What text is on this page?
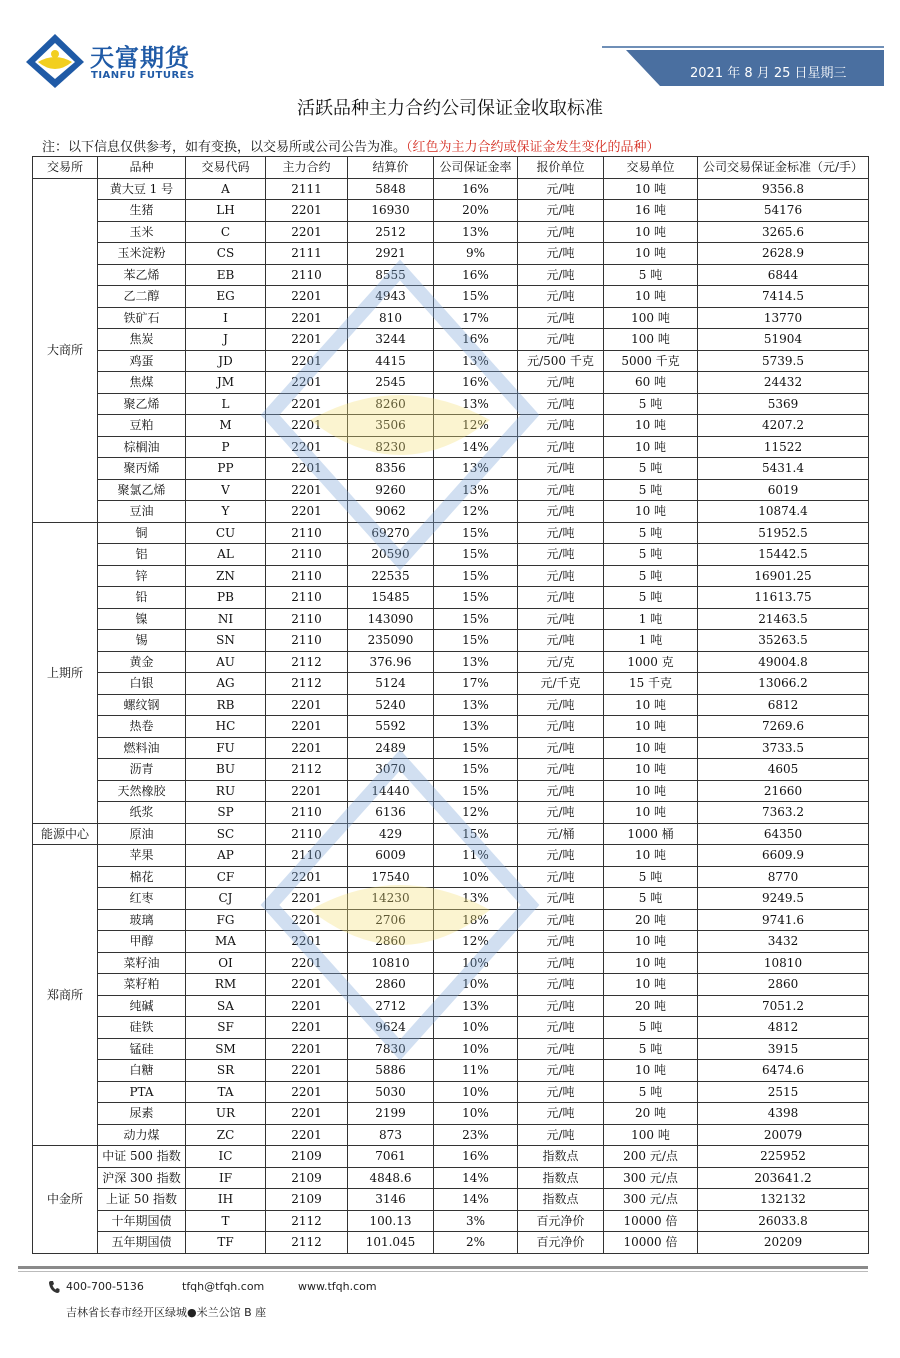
天富期货
TIANFU FUTURES	2021 年 8 月 25 日星期三
活跃品种主力合约公司保证金收取标准
注：以下信息仅供参考，如有变换，以交易所或公司公告为准。（红色为主力合约或保证金发生变化的品种）
交易所	品种	交易代码	主力合约	结算价	公司保证金率	报价单位	交易单位	公司交易保证金标准（元/手）
大商所	黄大豆 1 号	A	2111	5848	16%	元/吨	10 吨	9356.8
	生猪	LH	2201	16930	20%	元/吨	16 吨	54176
	玉米	C	2201	2512	13%	元/吨	10 吨	3265.6
	玉米淀粉	CS	2111	2921	9%	元/吨	10 吨	2628.9
	苯乙烯	EB	2110	8555	16%	元/吨	5 吨	6844
	乙二醇	EG	2201	4943	15%	元/吨	10 吨	7414.5
	铁矿石	I	2201	810	17%	元/吨	100 吨	13770
	焦炭	J	2201	3244	16%	元/吨	100 吨	51904
	鸡蛋	JD	2201	4415	13%	元/500 千克	5000 千克	5739.5
	焦煤	JM	2201	2545	16%	元/吨	60 吨	24432
	聚乙烯	L	2201	8260	13%	元/吨	5 吨	5369
	豆粕	M	2201	3506	12%	元/吨	10 吨	4207.2
	棕榈油	P	2201	8230	14%	元/吨	10 吨	11522
	聚丙烯	PP	2201	8356	13%	元/吨	5 吨	5431.4
	聚氯乙烯	V	2201	9260	13%	元/吨	5 吨	6019
	豆油	Y	2201	9062	12%	元/吨	10 吨	10874.4
上期所	铜	CU	2110	69270	15%	元/吨	5 吨	51952.5
	铝	AL	2110	20590	15%	元/吨	5 吨	15442.5
	锌	ZN	2110	22535	15%	元/吨	5 吨	16901.25
	铅	PB	2110	15485	15%	元/吨	5 吨	11613.75
	镍	NI	2110	143090	15%	元/吨	1 吨	21463.5
	锡	SN	2110	235090	15%	元/吨	1 吨	35263.5
	黄金	AU	2112	376.96	13%	元/克	1000 克	49004.8
	白银	AG	2112	5124	17%	元/千克	15 千克	13066.2
	螺纹钢	RB	2201	5240	13%	元/吨	10 吨	6812
	热卷	HC	2201	5592	13%	元/吨	10 吨	7269.6
	燃料油	FU	2201	2489	15%	元/吨	10 吨	3733.5
	沥青	BU	2112	3070	15%	元/吨	10 吨	4605
	天然橡胶	RU	2201	14440	15%	元/吨	10 吨	21660
	纸浆	SP	2110	6136	12%	元/吨	10 吨	7363.2
能源中心	原油	SC	2110	429	15%	元/桶	1000 桶	64350
郑商所	苹果	AP	2110	6009	11%	元/吨	10 吨	6609.9
	棉花	CF	2201	17540	10%	元/吨	5 吨	8770
	红枣	CJ	2201	14230	13%	元/吨	5 吨	9249.5
	玻璃	FG	2201	2706	18%	元/吨	20 吨	9741.6
	甲醇	MA	2201	2860	12%	元/吨	10 吨	3432
	菜籽油	OI	2201	10810	10%	元/吨	10 吨	10810
	菜籽粕	RM	2201	2860	10%	元/吨	10 吨	2860
	纯碱	SA	2201	2712	13%	元/吨	20 吨	7051.2
	硅铁	SF	2201	9624	10%	元/吨	5 吨	4812
	锰硅	SM	2201	7830	10%	元/吨	5 吨	3915
	白糖	SR	2201	5886	11%	元/吨	10 吨	6474.6
	PTA	TA	2201	5030	10%	元/吨	5 吨	2515
	尿素	UR	2201	2199	10%	元/吨	20 吨	4398
	动力煤	ZC	2201	873	23%	元/吨	100 吨	20079
中金所	中证 500 指数	IC	2109	7061	16%	指数点	200 元/点	225952
	沪深 300 指数	IF	2109	4848.6	14%	指数点	300 元/点	203641.2
	上证 50 指数	IH	2109	3146	14%	指数点	300 元/点	132132
	十年期国债	T	2112	100.13	3%	百元净价	10000 倍	26033.8
	五年期国债	TF	2112	101.045	2%	百元净价	10000 倍	20209
400-700-5136	tfqh@tfqh.com	www.tfqh.com
吉林省长春市经开区绿城●米兰公馆 B 座
